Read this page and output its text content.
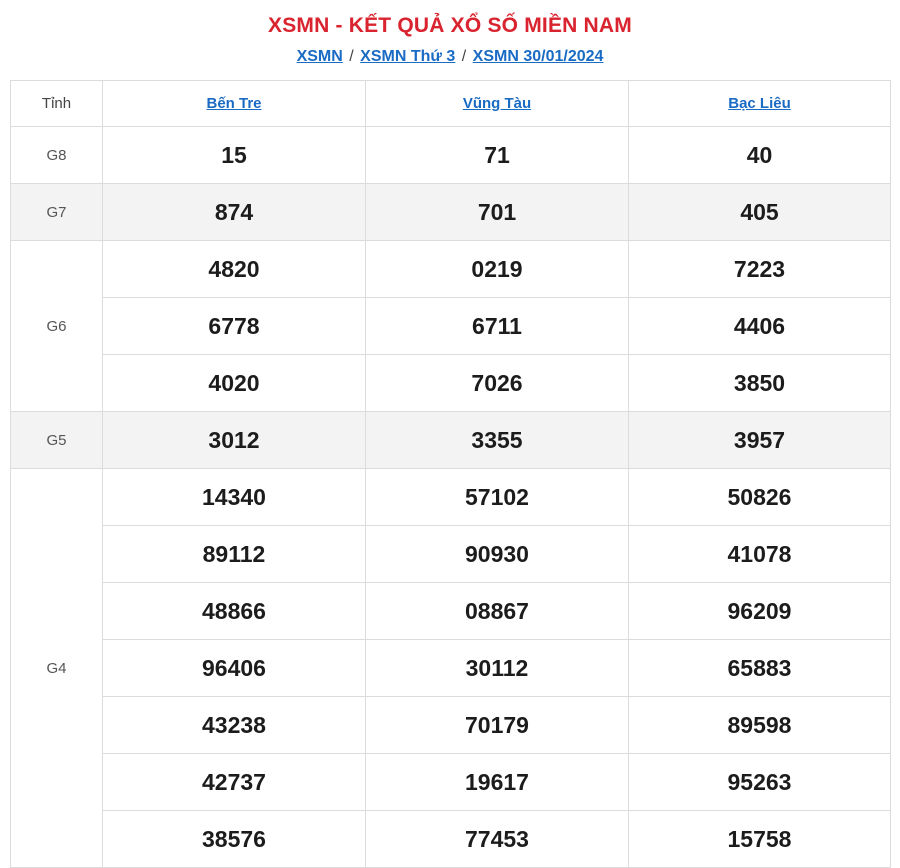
XSMN - KẾT QUẢ XỔ SỐ MIỀN NAM
XSMN / XSMN Thứ 3 / XSMN 30/01/2024
Tỉnh	Bến Tre	Vũng Tàu	Bạc Liêu
G8	15	71	40
G7	874	701	405
G6	4820	0219	7223
	6778	6711	4406
	4020	7026	3850
G5	3012	3355	3957
G4	14340	57102	50826
	89112	90930	41078
	48866	08867	96209
	96406	30112	65883
	43238	70179	89598
	42737	19617	95263
	38576	77453	15758
